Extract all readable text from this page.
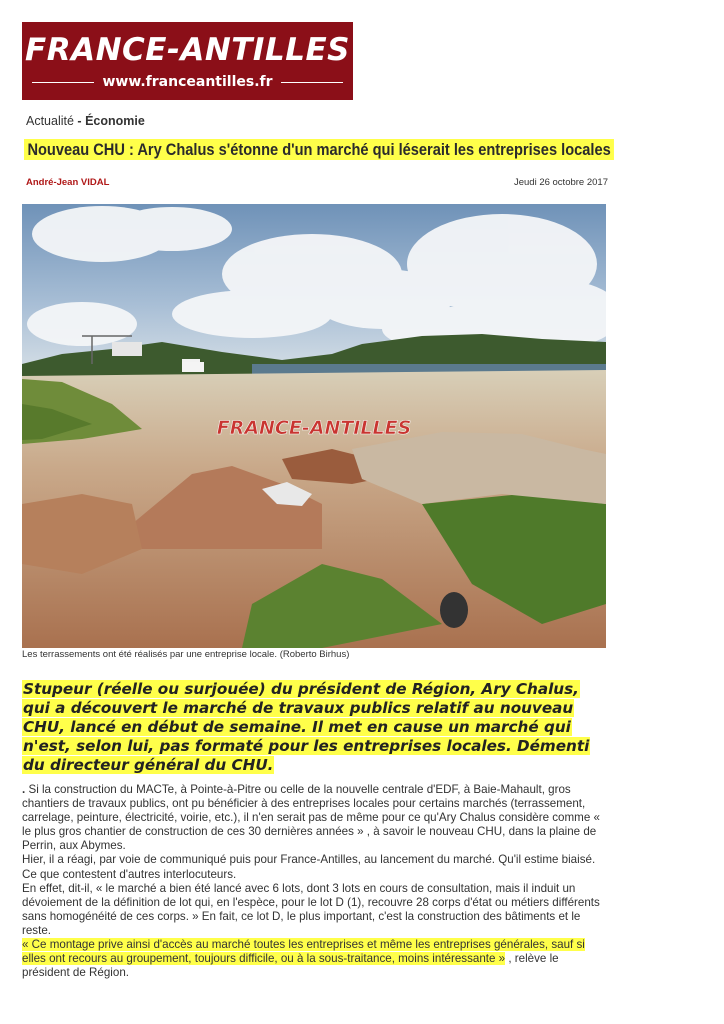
FRANCE-ANTILLES
www.franceantilles.fr
Actualité - Économie
Nouveau CHU : Ary Chalus s'étonne d'un marché qui léserait les entreprises locales
André-Jean VIDAL	Jeudi 26 octobre 2017
FRANCE-ANTILLES
Les terrassements ont été réalisés par une entreprise locale. (Roberto Birhus)
Stupeur (réelle ou surjouée) du président de Région, Ary Chalus, qui a découvert le marché de travaux publics relatif au nouveau CHU, lancé en début de semaine. Il met en cause un marché qui n'est, selon lui, pas formaté pour les entreprises locales. Démenti du directeur général du CHU.

. Si la construction du MACTe, à Pointe-à-Pitre ou celle de la nouvelle centrale d'EDF, à Baie-Mahault, gros chantiers de travaux publics, ont pu bénéficier à des entreprises locales pour certains marchés (terrassement, carrelage, peinture, électricité, voirie, etc.), il n'en serait pas de même pour ce qu'Ary Chalus considère comme « le plus gros chantier de construction de ces 30 dernières années » , à savoir le nouveau CHU, dans la plaine de Perrin, aux Abymes.

Hier, il a réagi, par voie de communiqué puis pour France-Antilles, au lancement du marché. Qu'il estime biaisé. Ce que contestent d'autres interlocuteurs.

En effet, dit-il, « le marché a bien été lancé avec 6 lots, dont 3 lots en cours de consultation, mais il induit un dévoiement de la définition de lot qui, en l'espèce, pour le lot D (1), recouvre 28 corps d'état ou métiers différents sans homogénéité de ces corps. » En fait, ce lot D, le plus important, c'est la construction des bâtiments et le reste.

« Ce montage prive ainsi d'accès au marché toutes les entreprises et même les entreprises générales, sauf si elles ont recours au groupement, toujours difficile, ou à la sous-traitance, moins intéressante » , relève le président de Région.
